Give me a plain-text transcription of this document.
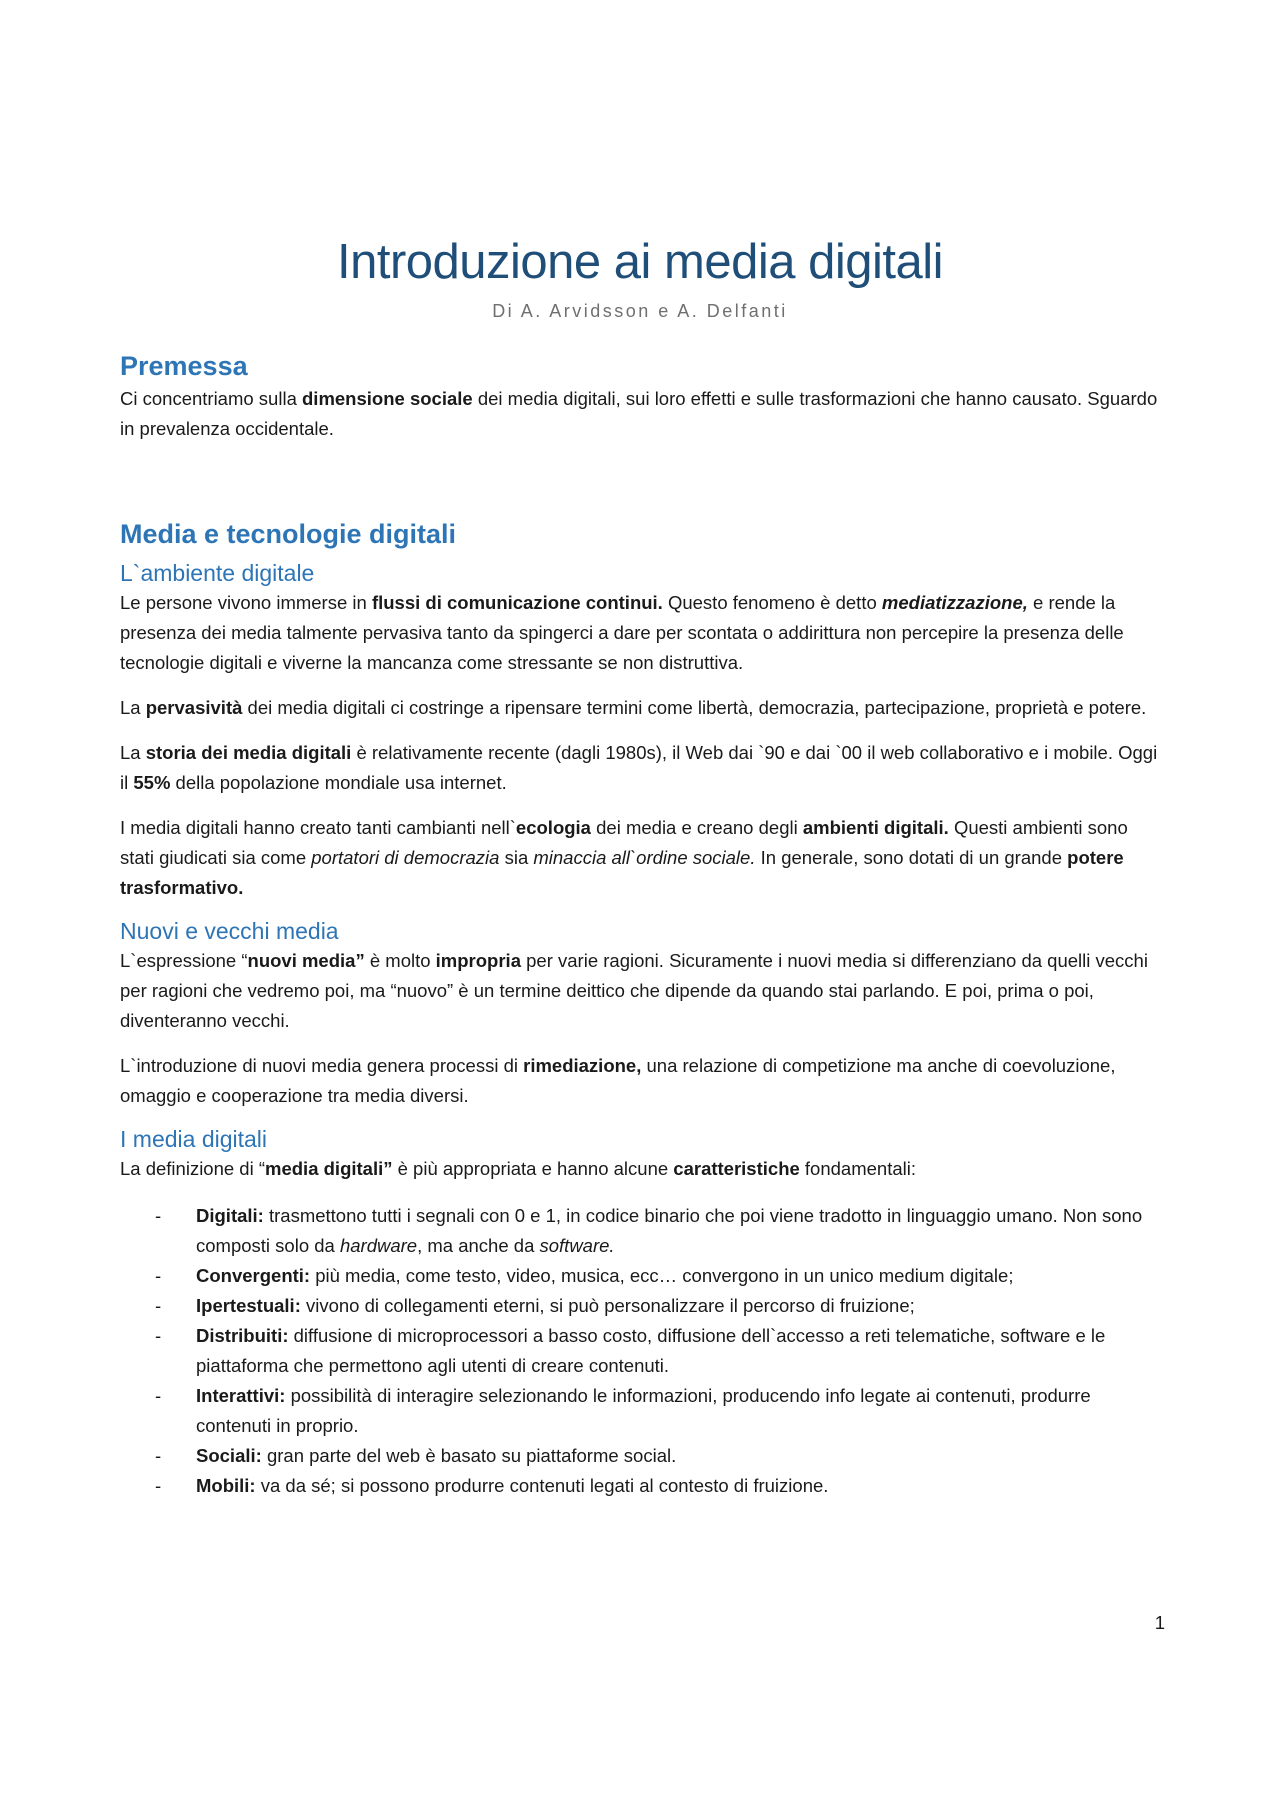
Introduzione ai media digitali
Di A. Arvidsson e A. Delfanti
Premessa

Ci concentriamo sulla dimensione sociale dei media digitali, sui loro effetti e sulle trasformazioni che hanno causato. Sguardo in prevalenza occidentale.

Media e tecnologie digitali
L`ambiente digitale

Le persone vivono immerse in flussi di comunicazione continui. Questo fenomeno è detto mediatizzazione, e rende la presenza dei media talmente pervasiva tanto da spingerci a dare per scontata o addirittura non percepire la presenza delle tecnologie digitali e viverne la mancanza come stressante se non distruttiva.

La pervasività dei media digitali ci costringe a ripensare termini come libertà, democrazia, partecipazione, proprietà e potere.

La storia dei media digitali è relativamente recente (dagli 1980s), il Web dai `90 e dai `00 il web collaborativo e i mobile. Oggi il 55% della popolazione mondiale usa internet.

I media digitali hanno creato tanti cambianti nell`ecologia dei media e creano degli ambienti digitali. Questi ambienti sono stati giudicati sia come portatori di democrazia sia minaccia all`ordine sociale. In generale, sono dotati di un grande potere trasformativo.

Nuovi e vecchi media

L`espressione “nuovi media” è molto impropria per varie ragioni. Sicuramente i nuovi media si differenziano da quelli vecchi per ragioni che vedremo poi, ma “nuovo” è un termine deittico che dipende da quando stai parlando. E poi, prima o poi, diventeranno vecchi.

L`introduzione di nuovi media genera processi di rimediazione, una relazione di competizione ma anche di coevoluzione, omaggio e cooperazione tra media diversi.

I media digitali

La definizione di “media digitali” è più appropriata e hanno alcune caratteristiche fondamentali:

- Digitali: trasmettono tutti i segnali con 0 e 1, in codice binario che poi viene tradotto in linguaggio umano. Non sono composti solo da hardware, ma anche da software.
- Convergenti: più media, come testo, video, musica, ecc… convergono in un unico medium digitale;
- Ipertestuali: vivono di collegamenti eterni, si può personalizzare il percorso di fruizione;
- Distribuiti: diffusione di microprocessori a basso costo, diffusione dell`accesso a reti telematiche, software e le piattaforma che permettono agli utenti di creare contenuti.
- Interattivi: possibilità di interagire selezionando le informazioni, producendo info legate ai contenuti, produrre contenuti in proprio.
- Sociali: gran parte del web è basato su piattaforme social.
- Mobili: va da sé; si possono produrre contenuti legati al contesto di fruizione.
1
